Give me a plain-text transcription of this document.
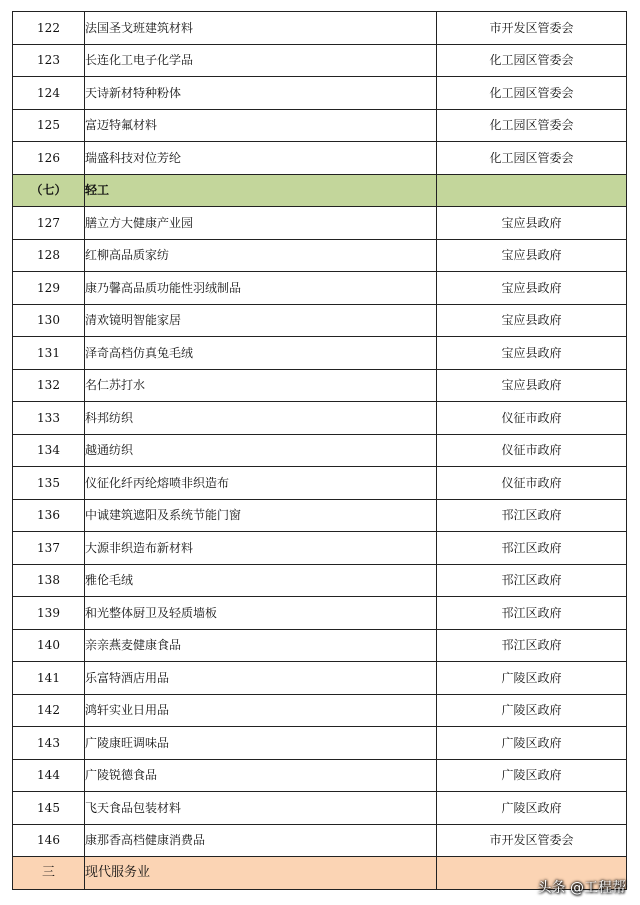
122	法国圣戈班建筑材料	市开发区管委会
123	长连化工电子化学品	化工园区管委会
124	天诗新材特种粉体	化工园区管委会
125	富迈特氟材料	化工园区管委会
126	瑞盛科技对位芳纶	化工园区管委会
（七）	轻工	
127	膳立方大健康产业园	宝应县政府
128	红柳高品质家纺	宝应县政府
129	康乃馨高品质功能性羽绒制品	宝应县政府
130	清欢镜明智能家居	宝应县政府
131	泽奇高档仿真兔毛绒	宝应县政府
132	名仁苏打水	宝应县政府
133	科邦纺织	仪征市政府
134	越通纺织	仪征市政府
135	仪征化纤丙纶熔喷非织造布	仪征市政府
136	中诚建筑遮阳及系统节能门窗	邗江区政府
137	大源非织造布新材料	邗江区政府
138	雅伦毛绒	邗江区政府
139	和光整体厨卫及轻质墙板	邗江区政府
140	亲亲燕麦健康食品	邗江区政府
141	乐富特酒店用品	广陵区政府
142	鸿轩实业日用品	广陵区政府
143	广陵康旺调味品	广陵区政府
144	广陵锐德食品	广陵区政府
145	飞天食品包装材料	广陵区政府
146	康那香高档健康消费品	市开发区管委会
三	现代服务业	
头条 @工程帮
